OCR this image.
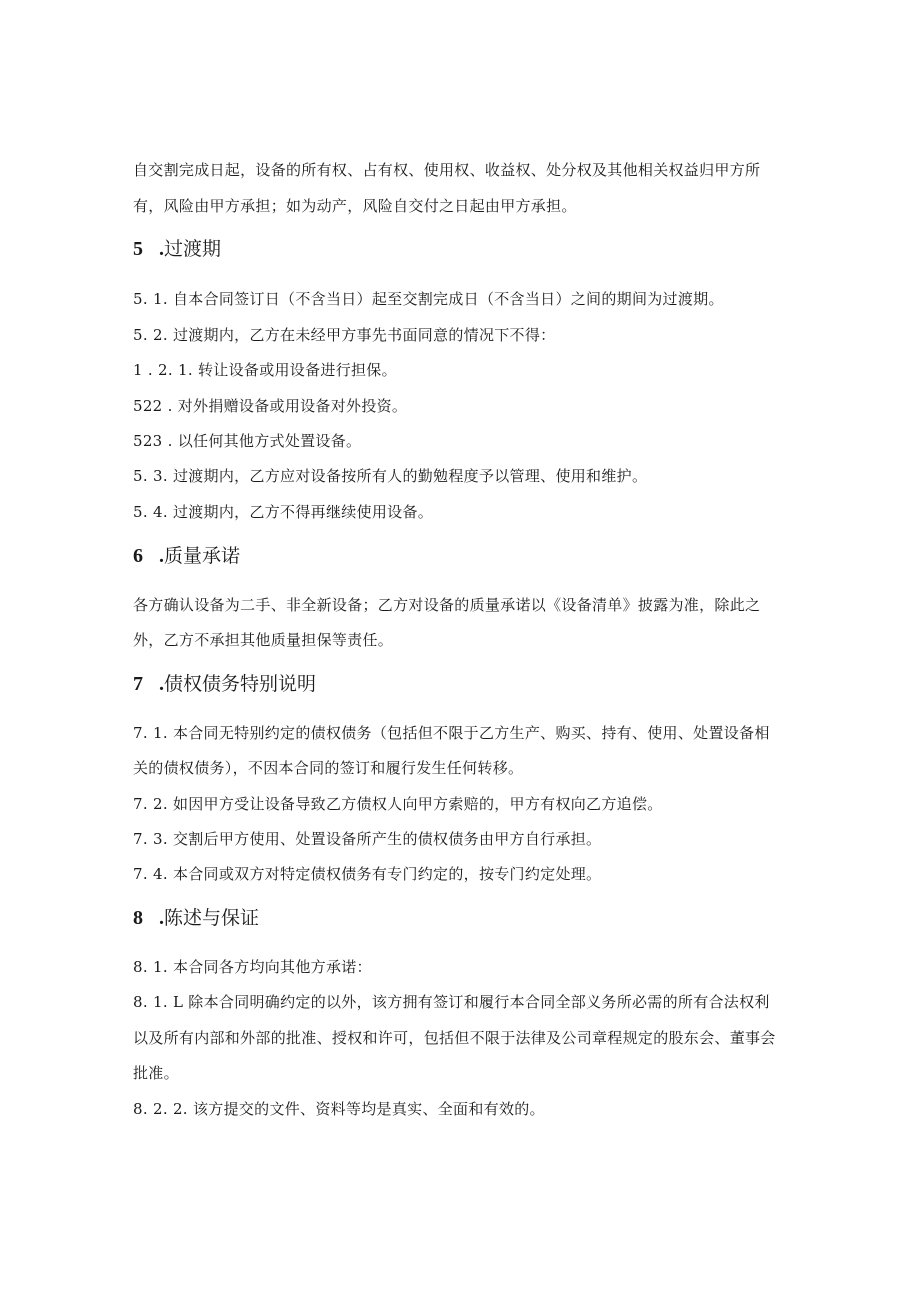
自交割完成日起，设备的所有权、占有权、使用权、收益权、处分权及其他相关权益归甲方所
有，风险由甲方承担；如为动产，风险自交付之日起由甲方承担。
5 .过渡期
5. 1. 自本合同签订日（不含当日）起至交割完成日（不含当日）之间的期间为过渡期。
5. 2. 过渡期内，乙方在未经甲方事先书面同意的情况下不得：
1 . 2. 1. 转让设备或用设备进行担保。
522 . 对外捐赠设备或用设备对外投资。
523 . 以任何其他方式处置设备。
5. 3. 过渡期内，乙方应对设备按所有人的勤勉程度予以管理、使用和维护。
5. 4. 过渡期内，乙方不得再继续使用设备。
6 .质量承诺
各方确认设备为二手、非全新设备；乙方对设备的质量承诺以《设备清单》披露为准，除此之
外，乙方不承担其他质量担保等责任。
7 .债权债务特别说明
7. 1. 本合同无特别约定的债权债务（包括但不限于乙方生产、购买、持有、使用、处置设备相
关的债权债务），不因本合同的签订和履行发生任何转移。
7. 2. 如因甲方受让设备导致乙方债权人向甲方索赔的，甲方有权向乙方追偿。
7. 3. 交割后甲方使用、处置设备所产生的债权债务由甲方自行承担。
7. 4. 本合同或双方对特定债权债务有专门约定的，按专门约定处理。
8 .陈述与保证
8. 1. 本合同各方均向其他方承诺：
8. 1. L 除本合同明确约定的以外，该方拥有签订和履行本合同全部义务所必需的所有合法权利
以及所有内部和外部的批准、授权和许可，包括但不限于法律及公司章程规定的股东会、董事会
批准。
8. 2. 2. 该方提交的文件、资料等均是真实、全面和有效的。
